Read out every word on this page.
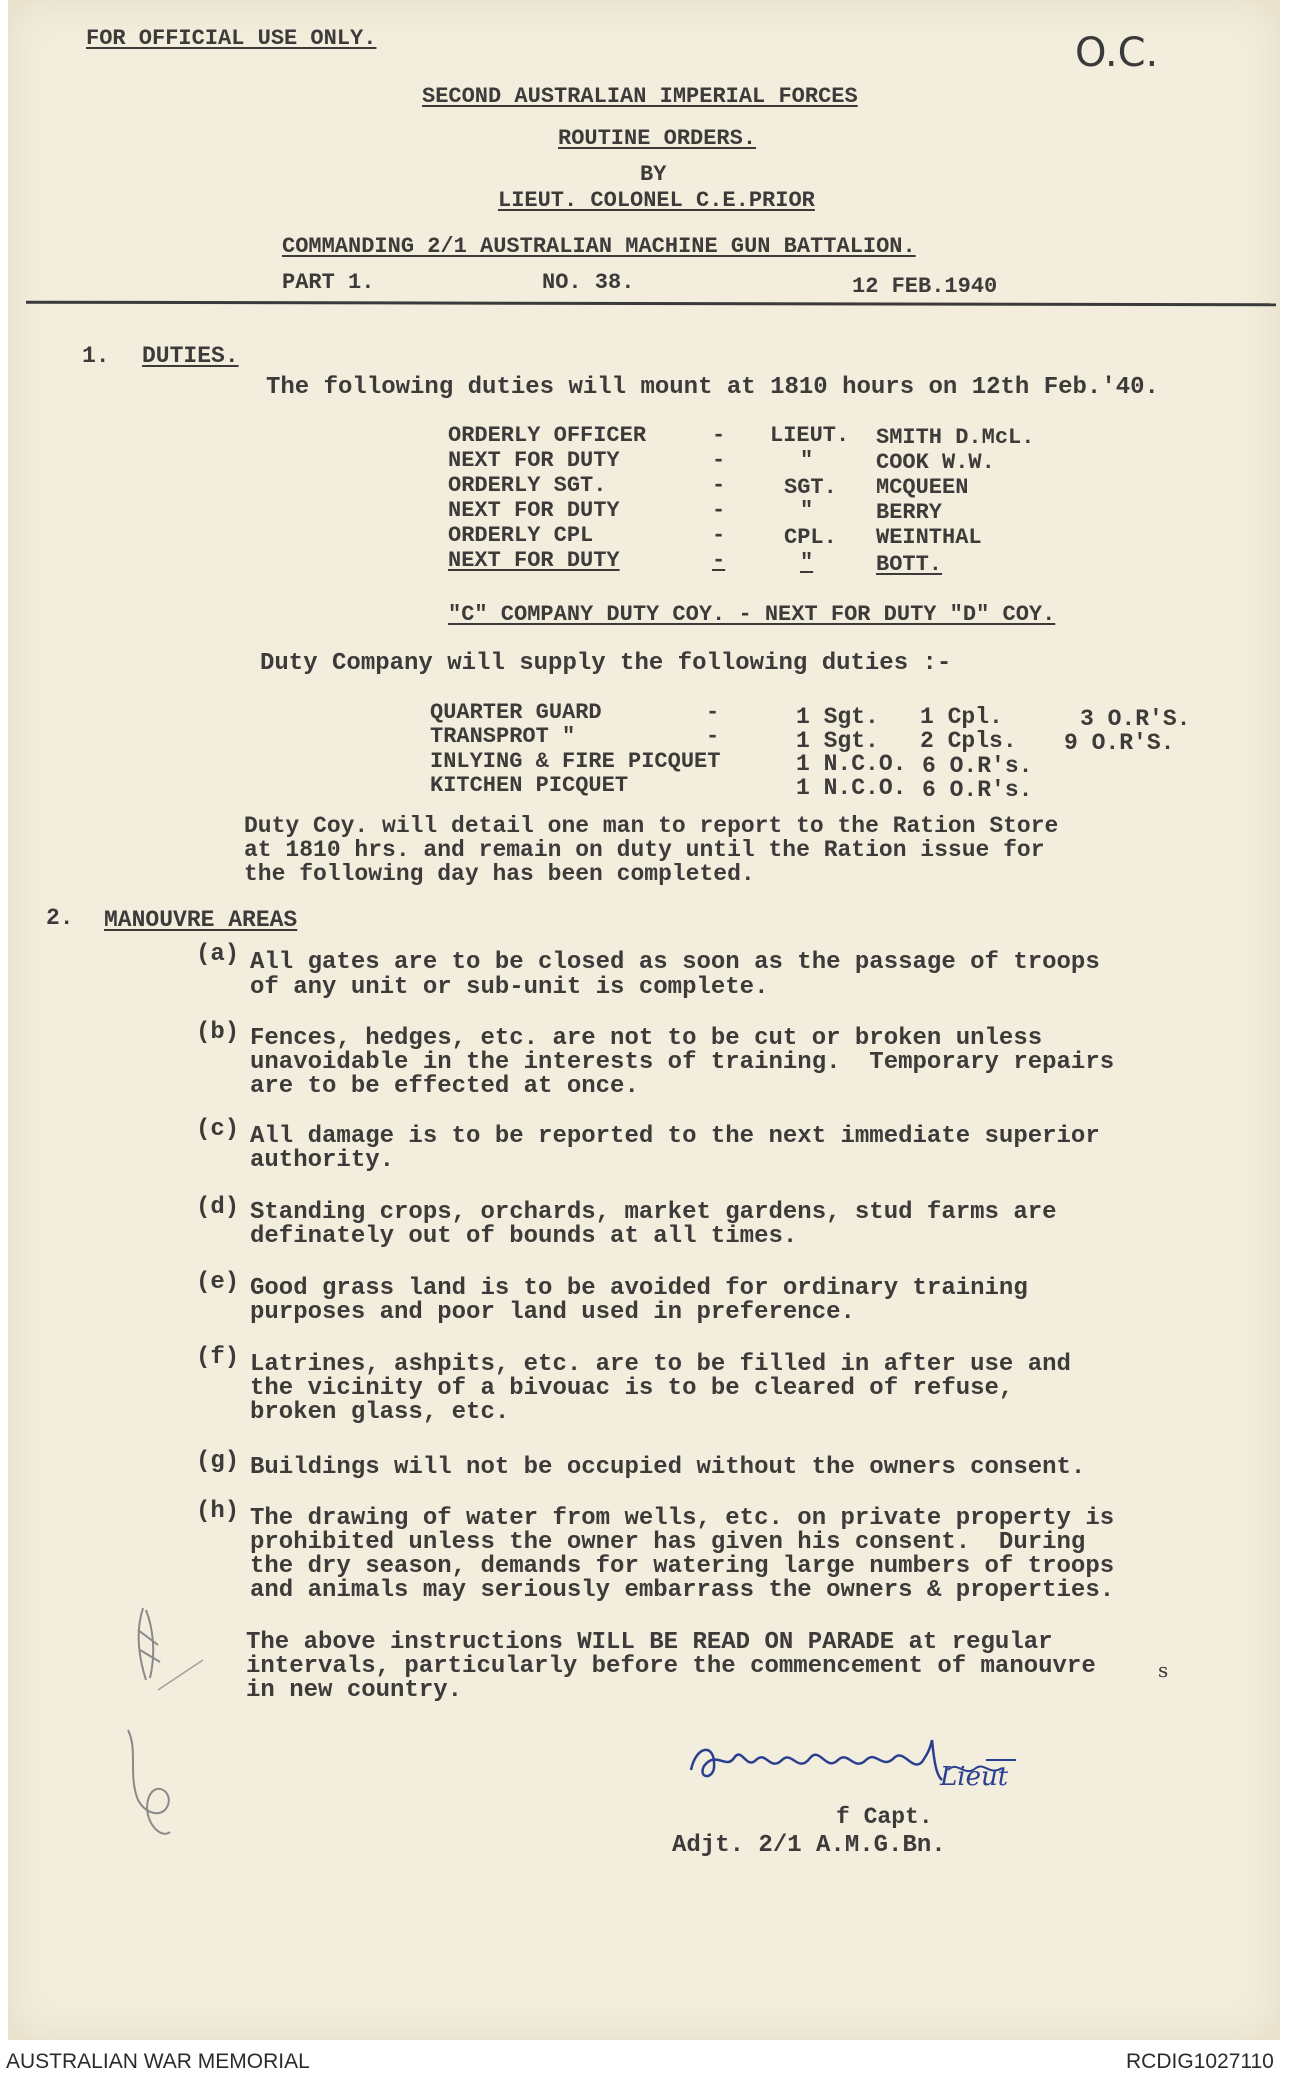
FOR OFFICIAL USE ONLY.	O.C.
SECOND AUSTRALIAN IMPERIAL FORCES
ROUTINE ORDERS.
BY
LIEUT. COLONEL C.E.PRIOR
COMMANDING 2/1 AUSTRALIAN MACHINE GUN BATTALION.
PART 1.	NO. 38.	12 FEB.1940
1. DUTIES.
The following duties will mount at 1810 hours on 12th Feb.'40.
ORDERLY OFFICER	- LIEUT. SMITH D.McL.
NEXT FOR DUTY	-	"	COOK W.W.
ORDERLY SGT.	-	SGT. MCQUEEN
NEXT FOR DUTY	-	"	BERRY
ORDERLY CPL	-	CPL. WEINTHAL
NEXT FOR DUTY	-	"	BOTT.
"C" COMPANY DUTY COY. - NEXT FOR DUTY "D" COY.
Duty Company will supply the following duties :-
QUARTER GUARD	-	1 Sgt. 1 Cpl.	3 O.R'S.
TRANSPROT "	-	1 Sgt. 2 Cpls. 9 O.R'S.
INLYING & FIRE PICQUET	1 N.C.O. 6 O.R's.
KITCHEN PICQUET	1 N.C.O. 6 O.R's.
Duty Coy. will detail one man to report to the Ration Store
at 1810 hrs. and remain on duty until the Ration issue for
the following day has been completed.
2. MANOUVRE AREAS
(a) All gates are to be closed as soon as the passage of troops
of any unit or sub-unit is complete.
(b) Fences, hedges, etc. are not to be cut or broken unless
unavoidable in the interests of training.  Temporary repairs
are to be effected at once.
(c) All damage is to be reported to the next immediate superior
authority.
(d) Standing crops, orchards, market gardens, stud farms are
definately out of bounds at all times.
(e) Good grass land is to be avoided for ordinary training
purposes and poor land used in preference.
(f) Latrines, ashpits, etc. are to be filled in after use and
the vicinity of a bivouac is to be cleared of refuse,
broken glass, etc.
(g) Buildings will not be occupied without the owners consent.
(h) The drawing of water from wells, etc. on private property is
prohibited unless the owner has given his consent.  During
the dry season, demands for watering large numbers of troops
and animals may seriously embarrass the owners & properties.
The above instructions WILL BE READ ON PARADE at regular
intervals, particularly before the commencement of manouvre
in new country.
s
Lieut
f Capt.
Adjt. 2/1 A.M.G.Bn.
AUSTRALIAN WAR MEMORIAL	RCDIG1027110
